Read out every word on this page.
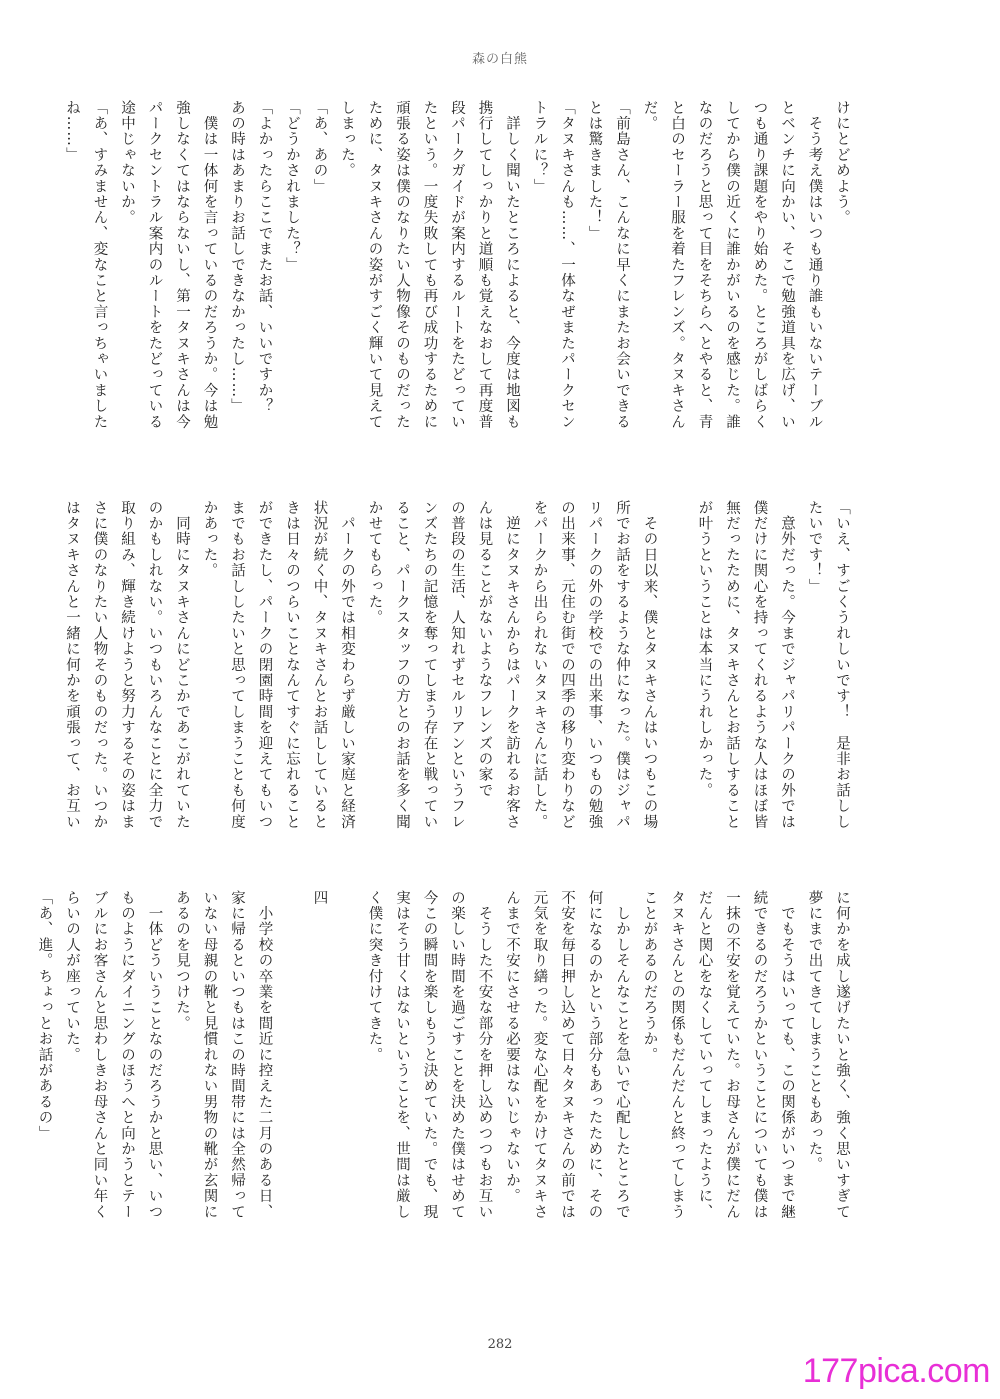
森の白熊
けにとどめよう。
　そう考え僕はいつも通り誰もいないテーブル
とベンチに向かい、そこで勉強道具を広げ、い
つも通り課題をやり始めた。ところがしばらく
してから僕の近くに誰かがいるのを感じた。誰
なのだろうと思って目をそちらへとやると、青
と白のセーラー服を着たフレンズ。タヌキさん
だ。
「前島さん、こんなに早くにまたお会いできる
とは驚きました！」
「タヌキさんも……、一体なぜまたパークセン
トラルに？」
　詳しく聞いたところによると、今度は地図も
携行してしっかりと道順も覚えなおして再度普
段パークガイドが案内するルートをたどってい
たという。一度失敗しても再び成功するために
頑張る姿は僕のなりたい人物像そのものだった
ために、タヌキさんの姿がすごく輝いて見えて
しまった。
「あ、あの」
「どうかされました？」
「よかったらここでまたお話、いいですか？
あの時はあまりお話しできなかったし……」
　僕は一体何を言っているのだろうか。今は勉
強しなくてはならないし、第一タヌキさんは今
パークセントラル案内のルートをたどっている
途中じゃないか。
「あ、すみません、変なこと言っちゃいました
ね……」
「いえ、すごくうれしいです！　是非お話しし
たいです！」
　意外だった。今までジャパリパークの外では
僕だけに関心を持ってくれるような人はほぼ皆
無だったために、タヌキさんとお話しすること
が叶うということは本当にうれしかった。

　その日以来、僕とタヌキさんはいつもこの場
所でお話をするような仲になった。僕はジャパ
リパークの外の学校での出来事、いつもの勉強
の出来事、元住む街での四季の移り変わりなど
をパークから出られないタヌキさんに話した。
　逆にタヌキさんからはパークを訪れるお客さ
んは見ることがないようなフレンズの家で
の普段の生活、人知れずセルリアンというフレ
ンズたちの記憶を奪ってしまう存在と戦ってい
ること、パークスタッフの方とのお話を多く聞
かせてもらった。
　パークの外では相変わらず厳しい家庭と経済
状況が続く中、タヌキさんとお話ししていると
きは日々のつらいことなんてすぐに忘れること
ができたし、パークの閉園時間を迎えてもいつ
までもお話ししたいと思ってしまうことも何度
かあった。
　同時にタヌキさんにどこかであこがれていた
のかもしれない。いつもいろんなことに全力で
取り組み、輝き続けようと努力するその姿はま
さに僕のなりたい人物そのものだった。いつか
はタヌキさんと一緒に何かを頑張って、お互い
に何かを成し遂げたいと強く、強く思いすぎて
夢にまで出てきてしまうこともあった。
　でもそうはいっても、この関係がいつまで継
続できるのだろうかということについても僕は
一抹の不安を覚えていた。お母さんが僕にだん
だんと関心をなくしていってしまったように、
タヌキさんとの関係もだんだんと終ってしまう
ことがあるのだろうか。
　しかしそんなことを急いで心配したところで
何になるのかという部分もあったために、その
不安を毎日押し込めて日々タヌキさんの前では
元気を取り繕った。変な心配をかけてタヌキさ
んまで不安にさせる必要はないじゃないか。
　そうした不安な部分を押し込めつつもお互い
の楽しい時間を過ごすことを決めた僕はせめて
今この瞬間を楽しもうと決めていた。でも、現
実はそう甘くはないということを、世間は厳し
く僕に突き付けてきた。

四

　小学校の卒業を間近に控えた二月のある日、
家に帰るといつもはこの時間帯には全然帰って
いない母親の靴と見慣れない男物の靴が玄関に
あるのを見つけた。
　一体どういうことなのだろうかと思い、いつ
ものようにダイニングのほうへと向かうとテー
ブルにお客さんと思わしきお母さんと同い年く
らいの人が座っていた。
「あ、進。ちょっとお話があるの」
282
177pica.com
